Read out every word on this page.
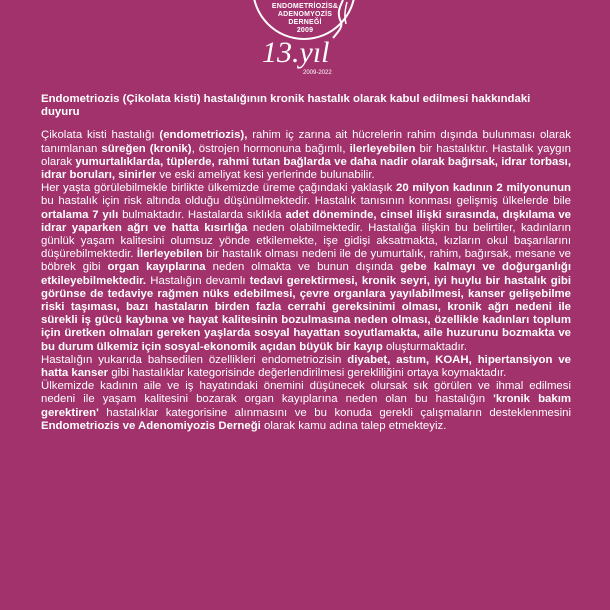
ENDOMETRİOZİS&
ADENOMYOZİS
DERNEĞİ
2009
13.yıl
2009-2022
Endometriozis (Çikolata kisti) hastalığının kronik hastalık olarak kabul edilmesi hakkındaki duyuru

Çikolata kisti hastalığı (endometriozis), rahim iç zarına ait hücrelerin rahim dışında bulunması olarak tanımlanan süreğen (kronik), östrojen hormonuna bağımlı, ilerleyebilen bir hastalıktır. Hastalık yaygın olarak yumurtalıklarda, tüplerde, rahmi tutan bağlarda ve daha nadir olarak bağırsak, idrar torbası, idrar boruları, sinirler ve eski ameliyat kesi yerlerinde bulunabilir.

Her yaşta görülebilmekle birlikte ülkemizde üreme çağındaki yaklaşık 20 milyon kadının 2 milyonunun bu hastalık için risk altında olduğu düşünülmektedir. Hastalık tanısının konması gelişmiş ülkelerde bile ortalama 7 yılı bulmaktadır. Hastalarda sıklıkla adet döneminde, cinsel ilişki sırasında, dışkılama ve idrar yaparken ağrı ve hatta kısırlığa neden olabilmektedir. Hastalığa ilişkin bu belirtiler, kadınların günlük yaşam kalitesini olumsuz yönde etkilemekte, işe gidişi aksatmakta, kızların okul başarılarını düşürebilmektedir. İlerleyebilen bir hastalık olması nedeni ile de yumurtalık, rahim, bağırsak, mesane ve böbrek gibi organ kayıplarına neden olmakta ve bunun dışında gebe kalmayı ve doğurganlığı etkileyebilmektedir. Hastalığın devamlı tedavi gerektirmesi, kronik seyri, iyi huylu bir hastalık gibi görünse de tedaviye rağmen nüks edebilmesi, çevre organlara yayılabilmesi, kanser gelişebilme riski taşıması, bazı hastaların birden fazla cerrahi gereksinimi olması, kronik ağrı nedeni ile sürekli iş gücü kaybına ve hayat kalitesinin bozulmasına neden olması, özellikle kadınları toplum için üretken olmaları gereken yaşlarda sosyal hayattan soyutlamakta, aile huzurunu bozmakta ve bu durum ülkemiz için sosyal-ekonomik açıdan büyük bir kayıp oluşturmaktadır.

Hastalığın yukarıda bahsedilen özellikleri endometriozisin diyabet, astım, KOAH, hipertansiyon ve hatta kanser gibi hastalıklar kategorisinde değerlendirilmesi gerekliliğini ortaya koymaktadır.

Ülkemizde kadının aile ve iş hayatındaki önemini düşünecek olursak sık görülen ve ihmal edilmesi nedeni ile yaşam kalitesini bozarak organ kayıplarına neden olan bu hastalığın 'kronik bakım gerektiren' hastalıklar kategorisine alınmasını ve bu konuda gerekli çalışmaların desteklenmesini Endometriozis ve Adenomiyozis Derneği olarak kamu adına talep etmekteyiz.
